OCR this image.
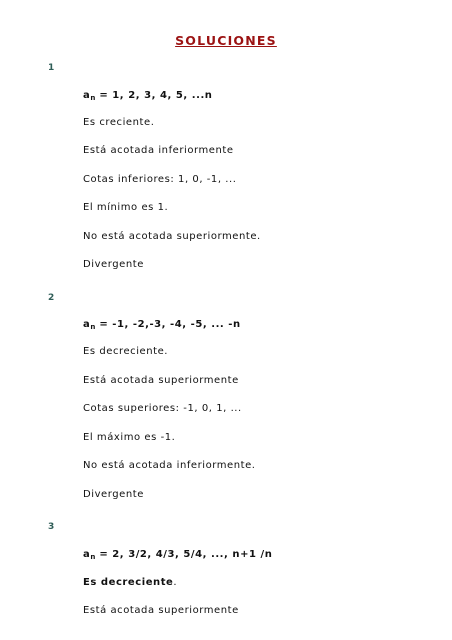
SOLUCIONES
1
$a_n = 1$, 2, 3, 4, 5, ...n
Es creciente.
Está acotada inferiormente
Cotas inferiores: 1, 0, -1, ...
El mínimo es 1.
No está acotada superiormente.
Divergente
2
$a_n = -1$, -2,-3, -4, -5, ... -n
Es decreciente.
Está acotada superiormente
Cotas superiores: -1, 0, 1, ...
El máximo es -1.
No está acotada inferiormente.
Divergente
3
$a_n = 2$, 3/2, 4/3, 5/4, ..., n+1 /n
Es decreciente.
Está acotada superiormente
